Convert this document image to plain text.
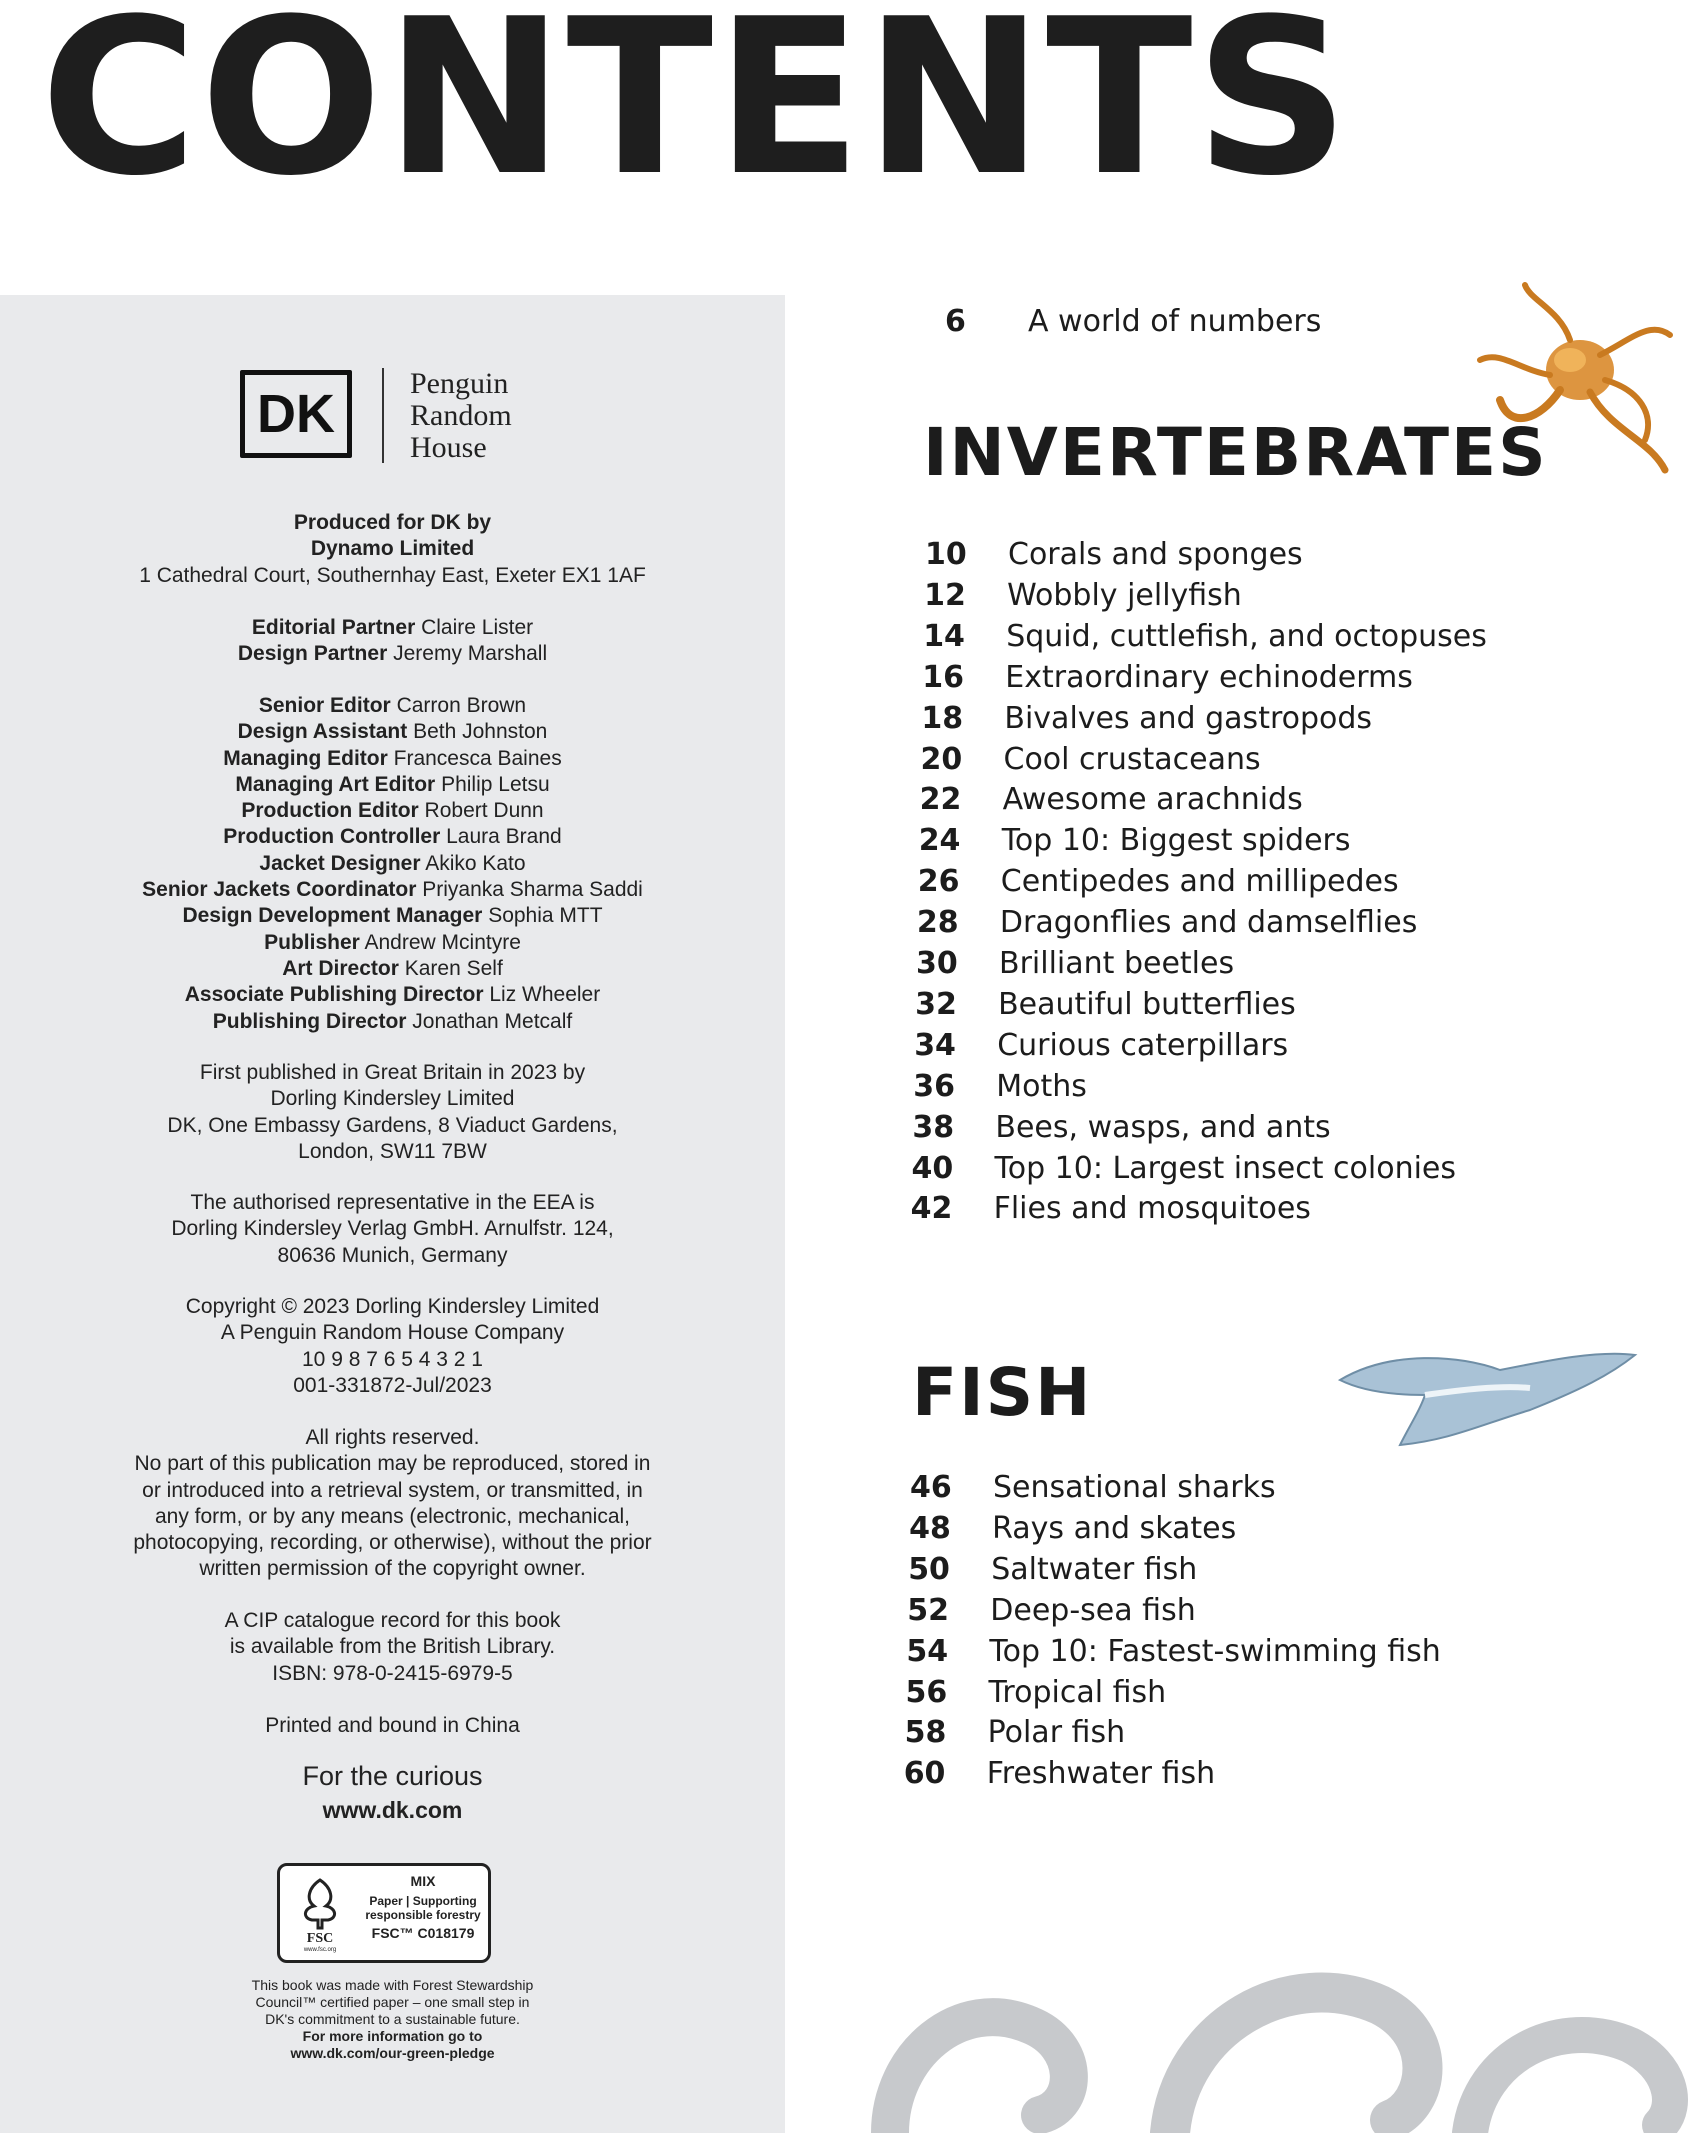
CONTENTS
DK
Penguin
Random
House
Produced for DK by
Dynamo Limited
1 Cathedral Court, Southernhay East, Exeter EX1 1AF
Editorial Partner Claire Lister
Design Partner Jeremy Marshall
Senior Editor Carron Brown
Design Assistant Beth Johnston
Managing Editor Francesca Baines
Managing Art Editor Philip Letsu
Production Editor Robert Dunn
Production Controller Laura Brand
Jacket Designer Akiko Kato
Senior Jackets Coordinator Priyanka Sharma Saddi
Design Development Manager Sophia MTT
Publisher Andrew Mcintyre
Art Director Karen Self
Associate Publishing Director Liz Wheeler
Publishing Director Jonathan Metcalf
First published in Great Britain in 2023 by
Dorling Kindersley Limited
DK, One Embassy Gardens, 8 Viaduct Gardens,
London, SW11 7BW
The authorised representative in the EEA is
Dorling Kindersley Verlag GmbH. Arnulfstr. 124,
80636 Munich, Germany
Copyright © 2023 Dorling Kindersley Limited
A Penguin Random House Company
10 9 8 7 6 5 4 3 2 1
001-331872-Jul/2023
All rights reserved.
No part of this publication may be reproduced, stored in
or introduced into a retrieval system, or transmitted, in
any form, or by any means (electronic, mechanical,
photocopying, recording, or otherwise), without the prior
written permission of the copyright owner.
A CIP catalogue record for this book
is available from the British Library.
ISBN: 978-0-2415-6979-5
Printed and bound in China
For the curious
www.dk.com
FSC
www.fsc.org
MIX
Paper | Supporting
responsible forestry
FSC™ C018179
This book was made with Forest Stewardship
Council™ certified paper – one small step in
DK's commitment to a sustainable future.
For more information go to
www.dk.com/our-green-pledge
6 A world of numbers
INVERTEBRATES
10 Corals and sponges
12 Wobbly jellyfish
14 Squid, cuttlefish, and octopuses
16 Extraordinary echinoderms
18 Bivalves and gastropods
20 Cool crustaceans
22 Awesome arachnids
24 Top 10: Biggest spiders
26 Centipedes and millipedes
28 Dragonflies and damselflies
30 Brilliant beetles
32 Beautiful butterflies
34 Curious caterpillars
36 Moths
38 Bees, wasps, and ants
40 Top 10: Largest insect colonies
42 Flies and mosquitoes
FISH
46 Sensational sharks
48 Rays and skates
50 Saltwater fish
52 Deep-sea fish
54 Top 10: Fastest-swimming fish
56 Tropical fish
58 Polar fish
60 Freshwater fish
